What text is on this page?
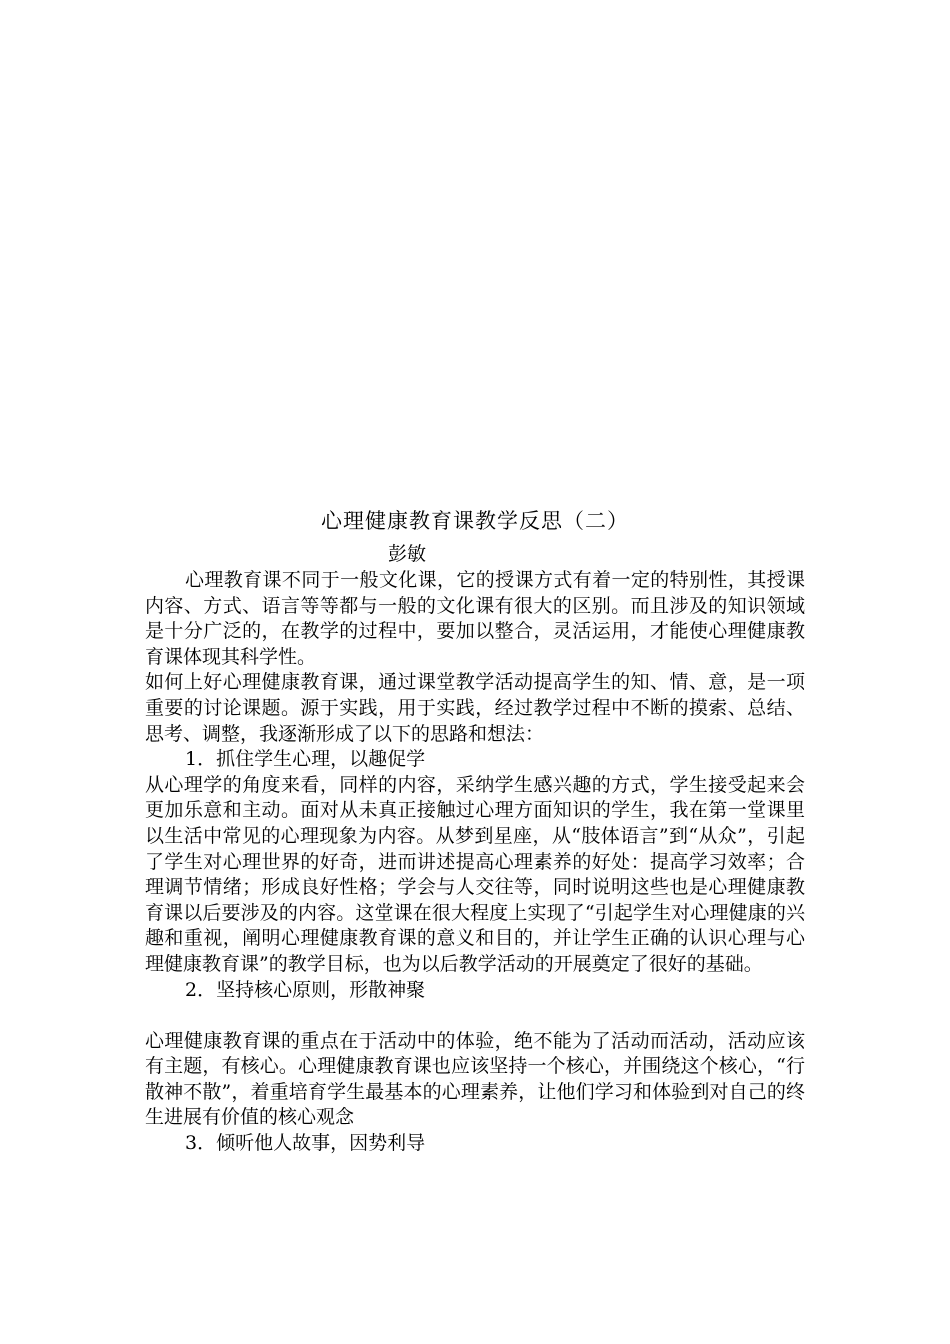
心理健康教育课教学反思（二）
彭敏

心理教育课不同于一般文化课，它的授课方式有着一定的特别性，其授课内容、方式、语言等等都与一般的文化课有很大的区别。而且涉及的知识领域是十分广泛的，在教学的过程中，要加以整合，灵活运用，才能使心理健康教育课体现其科学性。

如何上好心理健康教育课，通过课堂教学活动提高学生的知、情、意，是一项重要的讨论课题。源于实践，用于实践，经过教学过程中不断的摸索、总结、思考、调整，我逐渐形成了以下的思路和想法：

1．抓住学生心理，以趣促学

从心理学的角度来看，同样的内容，采纳学生感兴趣的方式，学生接受起来会更加乐意和主动。面对从未真正接触过心理方面知识的学生，我在第一堂课里以生活中常见的心理现象为内容。从梦到星座，从“肢体语言”到“从众”，引起了学生对心理世界的好奇，进而讲述提高心理素养的好处：提高学习效率；合理调节情绪；形成良好性格；学会与人交往等，同时说明这些也是心理健康教育课以后要涉及的内容。这堂课在很大程度上实现了“引起学生对心理健康的兴趣和重视，阐明心理健康教育课的意义和目的，并让学生正确的认识心理与心理健康教育课”的教学目标，也为以后教学活动的开展奠定了很好的基础。

2．坚持核心原则，形散神聚

心理健康教育课的重点在于活动中的体验，绝不能为了活动而活动，活动应该有主题，有核心。心理健康教育课也应该坚持一个核心，并围绕这个核心，“行散神不散”，着重培育学生最基本的心理素养，让他们学习和体验到对自己的终生进展有价值的核心观念

3．倾听他人故事，因势利导
